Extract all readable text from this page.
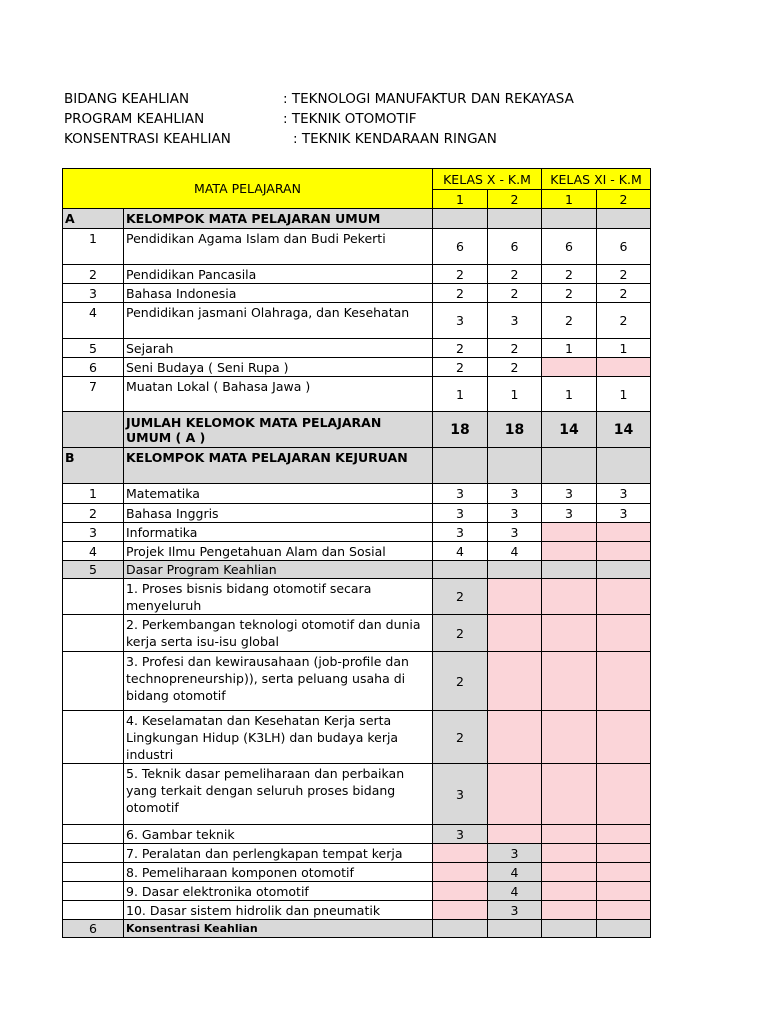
BIDANG KEAHLIAN	: TEKNOLOGI MANUFAKTUR DAN REKAYASA
PROGRAM KEAHLIAN	: TEKNIK OTOMOTIF
KONSENTRASI KEAHLIAN	: TEKNIK KENDARAAN RINGAN
MATA PELAJARAN		KELAS X - K.M		KELAS XI - K.M	
		1	2	1	2
A	KELOMPOK MATA PELAJARAN UMUM				
1	Pendidikan Agama Islam dan Budi Pekerti	6	6	6	6
2	Pendidikan Pancasila	2	2	2	2
3	Bahasa Indonesia	2	2	2	2
4	Pendidikan jasmani Olahraga, dan Kesehatan	3	3	2	2
5	Sejarah	2	2	1	1
6	Seni Budaya ( Seni Rupa )	2	2		
7	Muatan Lokal ( Bahasa Jawa )	1	1	1	1
	JUMLAH KELOMOK MATA PELAJARAN UMUM ( A )	18	18	14	14
B	KELOMPOK MATA PELAJARAN KEJURUAN				
1	Matematika	3	3	3	3
2	Bahasa Inggris	3	3	3	3
3	Informatika	3	3		
4	Projek Ilmu Pengetahuan Alam dan Sosial	4	4		
5	Dasar Program Keahlian				
	1. Proses bisnis bidang otomotif secara menyeluruh	2			
	2. Perkembangan teknologi otomotif dan dunia kerja serta isu-isu global	2			
	3. Profesi dan kewirausahaan (job-profile dan technopreneurship)), serta peluang usaha di bidang otomotif	2			
	4. Keselamatan dan Kesehatan Kerja serta Lingkungan Hidup (K3LH) dan budaya kerja industri	2			
	5. Teknik dasar pemeliharaan dan perbaikan yang terkait dengan seluruh proses bidang otomotif	3			
	6. Gambar teknik	3			
	7. Peralatan dan perlengkapan tempat kerja		3		
	8. Pemeliharaan komponen otomotif		4		
	9. Dasar elektronika otomotif		4		
	10. Dasar sistem hidrolik dan pneumatik		3		
6	Konsentrasi Keahlian				
